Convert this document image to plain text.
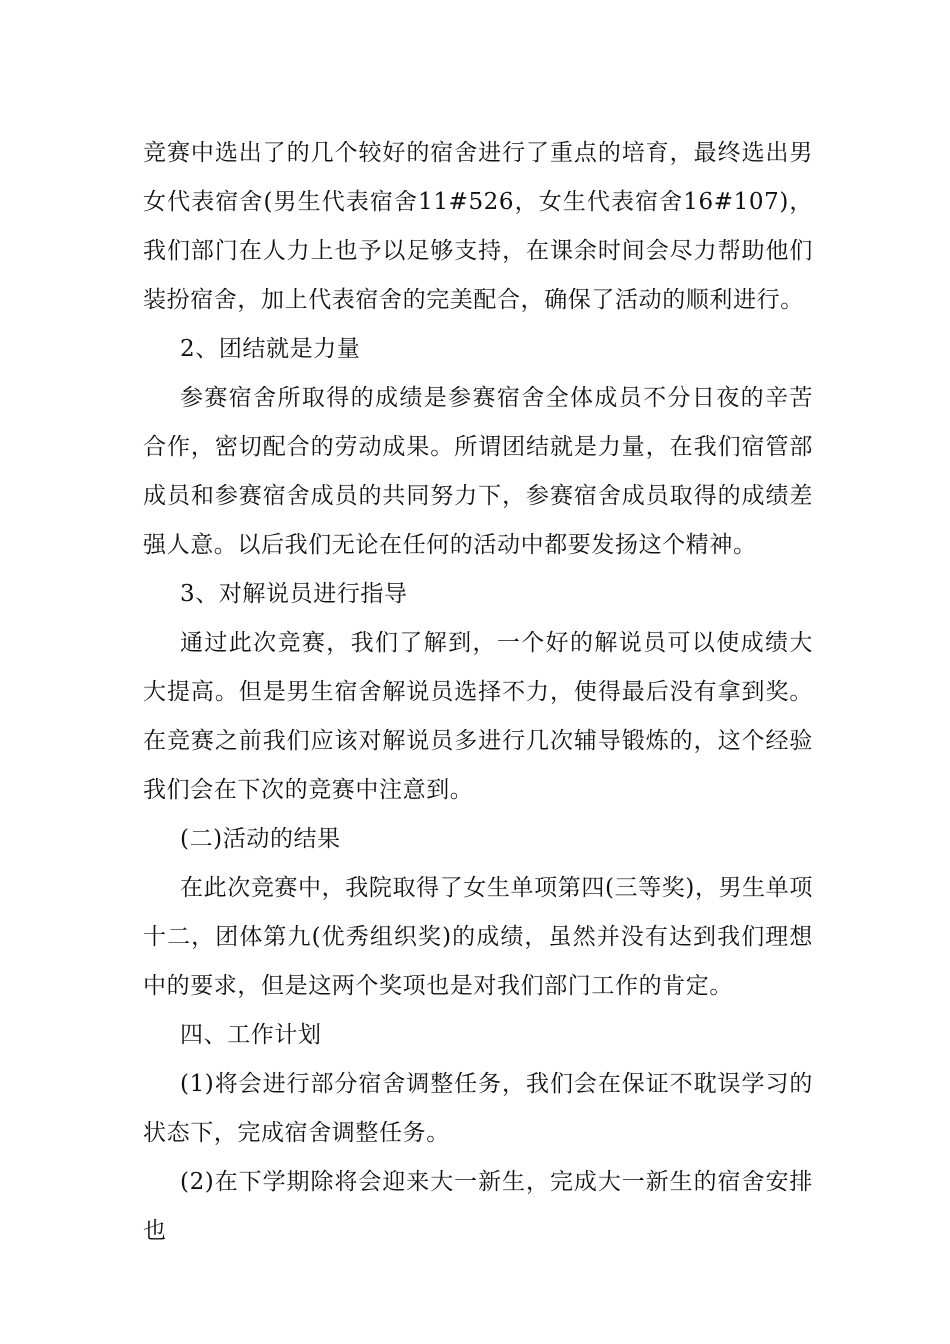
竞赛中选出了的几个较好的宿舍进行了重点的培育，最终选出男女代表宿舍(男生代表宿舍11#526，女生代表宿舍16#107)，我们部门在人力上也予以足够支持，在课余时间会尽力帮助他们装扮宿舍，加上代表宿舍的完美配合，确保了活动的顺利进行。

2、团结就是力量

参赛宿舍所取得的成绩是参赛宿舍全体成员不分日夜的辛苦合作，密切配合的劳动成果。所谓团结就是力量，在我们宿管部成员和参赛宿舍成员的共同努力下，参赛宿舍成员取得的成绩差强人意。以后我们无论在任何的活动中都要发扬这个精神。

3、对解说员进行指导

通过此次竞赛，我们了解到，一个好的解说员可以使成绩大大提高。但是男生宿舍解说员选择不力，使得最后没有拿到奖。在竞赛之前我们应该对解说员多进行几次辅导锻炼的，这个经验我们会在下次的竞赛中注意到。

(二)活动的结果

在此次竞赛中，我院取得了女生单项第四(三等奖)，男生单项十二，团体第九(优秀组织奖)的成绩，虽然并没有达到我们理想中的要求，但是这两个奖项也是对我们部门工作的肯定。

四、工作计划

(1)将会进行部分宿舍调整任务，我们会在保证不耽误学习的状态下，完成宿舍调整任务。

(2)在下学期除将会迎来大一新生，完成大一新生的宿舍安排也
